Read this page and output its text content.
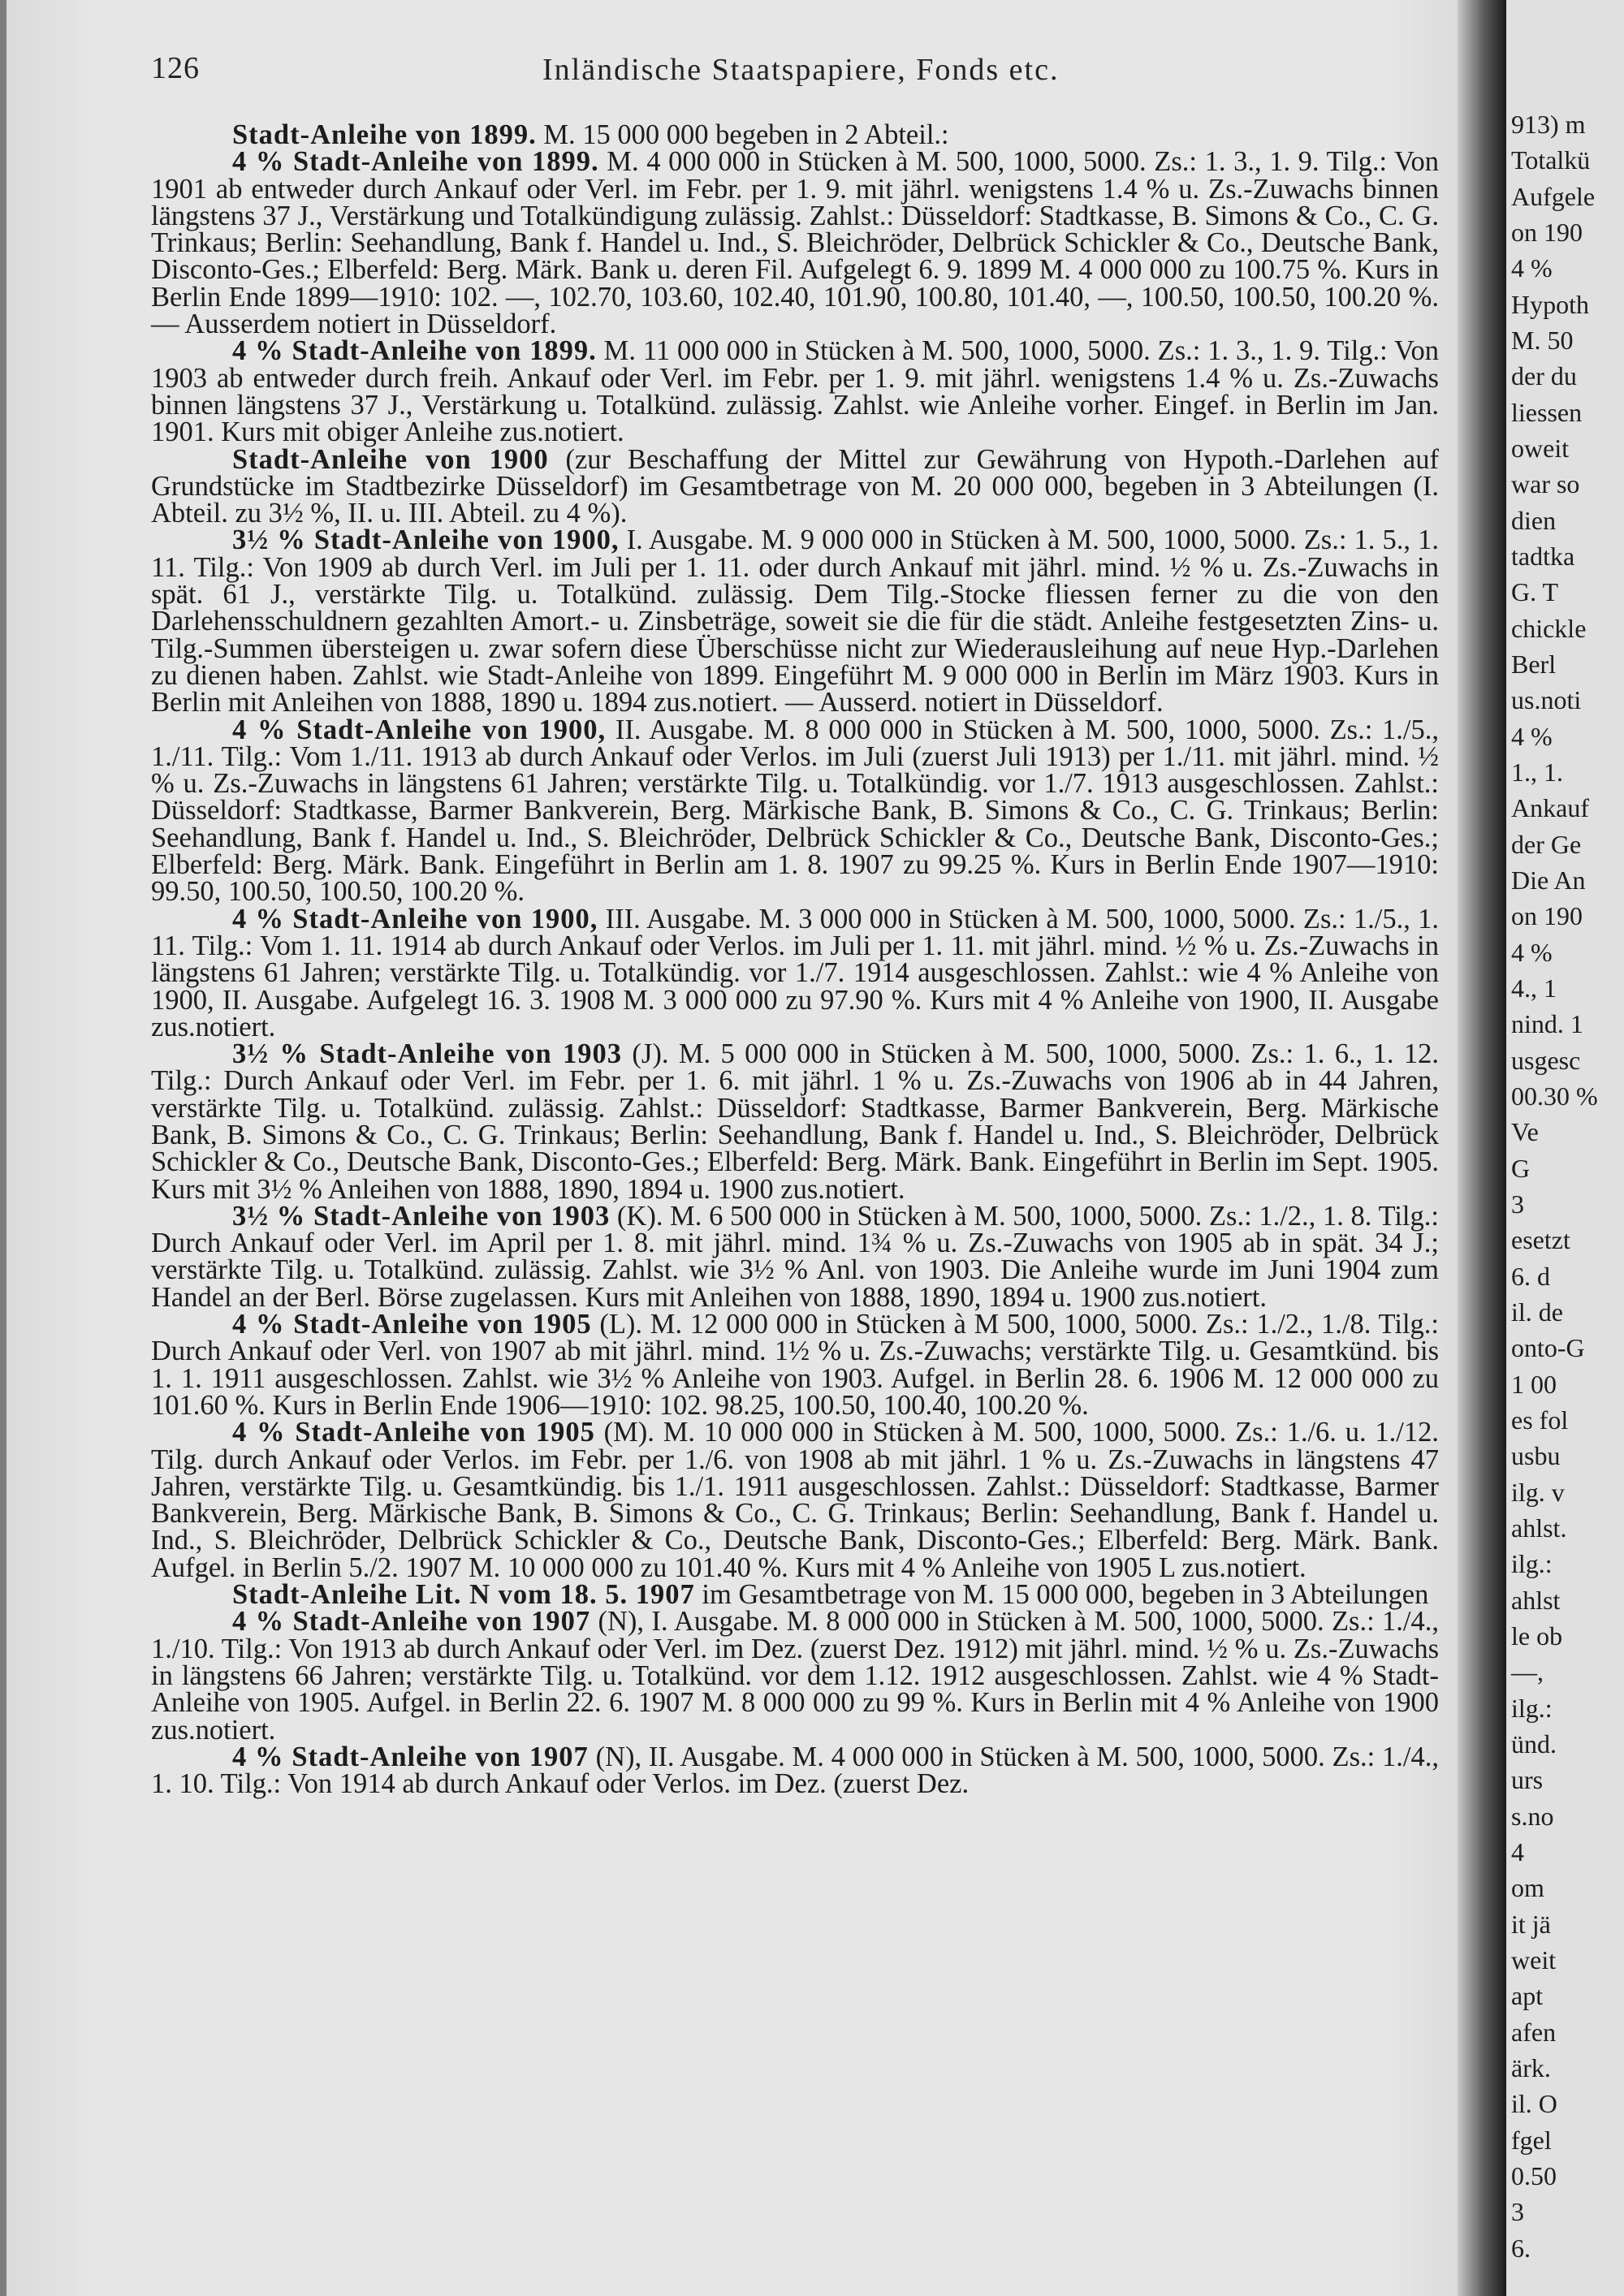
126	Inländische Staatspapiere, Fonds etc.

Stadt-Anleihe von 1899. M. 15 000 000 begeben in 2 Abteil.:

4 % Stadt-Anleihe von 1899. M. 4 000 000 in Stücken à M. 500, 1000, 5000. Zs.: 1. 3., 1. 9. Tilg.: Von 1901 ab entweder durch Ankauf oder Verl. im Febr. per 1. 9. mit jährl. wenigstens 1.4 % u. Zs.-Zuwachs binnen längstens 37 J., Verstärkung und Totalkündigung zulässig. Zahlst.: Düsseldorf: Stadtkasse, B. Simons & Co., C. G. Trinkaus; Berlin: Seehandlung, Bank f. Handel u. Ind., S. Bleichröder, Delbrück Schickler & Co., Deutsche Bank, Disconto-Ges.; Elberfeld: Berg. Märk. Bank u. deren Fil. Aufgelegt 6. 9. 1899 M. 4 000 000 zu 100.75 %. Kurs in Berlin Ende 1899—1910: 102. —, 102.70, 103.60, 102.40, 101.90, 100.80, 101.40, —, 100.50, 100.50, 100.20 %. — Ausserdem notiert in Düsseldorf.

4 % Stadt-Anleihe von 1899. M. 11 000 000 in Stücken à M. 500, 1000, 5000. Zs.: 1. 3., 1. 9. Tilg.: Von 1903 ab entweder durch freih. Ankauf oder Verl. im Febr. per 1. 9. mit jährl. wenigstens 1.4 % u. Zs.-Zuwachs binnen längstens 37 J., Verstärkung u. Totalkünd. zulässig. Zahlst. wie Anleihe vorher. Eingef. in Berlin im Jan. 1901. Kurs mit obiger Anleihe zus.notiert.

Stadt-Anleihe von 1900 (zur Beschaffung der Mittel zur Gewährung von Hypoth.-Darlehen auf Grundstücke im Stadtbezirke Düsseldorf) im Gesamtbetrage von M. 20 000 000, begeben in 3 Abteilungen (I. Abteil. zu 3½ %, II. u. III. Abteil. zu 4 %).

3½ % Stadt-Anleihe von 1900, I. Ausgabe. M. 9 000 000 in Stücken à M. 500, 1000, 5000. Zs.: 1. 5., 1. 11. Tilg.: Von 1909 ab durch Verl. im Juli per 1. 11. oder durch Ankauf mit jährl. mind. ½ % u. Zs.-Zuwachs in spät. 61 J., verstärkte Tilg. u. Totalkünd. zulässig. Dem Tilg.-Stocke fliessen ferner zu die von den Darlehensschuldnern gezahlten Amort.- u. Zinsbeträge, soweit sie die für die städt. Anleihe festgesetzten Zins- u. Tilg.-Summen übersteigen u. zwar sofern diese Überschüsse nicht zur Wiederausleihung auf neue Hyp.-Darlehen zu dienen haben. Zahlst. wie Stadt-Anleihe von 1899. Eingeführt M. 9 000 000 in Berlin im März 1903. Kurs in Berlin mit Anleihen von 1888, 1890 u. 1894 zus.notiert. — Ausserd. notiert in Düsseldorf.

4 % Stadt-Anleihe von 1900, II. Ausgabe. M. 8 000 000 in Stücken à M. 500, 1000, 5000. Zs.: 1./5., 1./11. Tilg.: Vom 1./11. 1913 ab durch Ankauf oder Verlos. im Juli (zuerst Juli 1913) per 1./11. mit jährl. mind. ½ % u. Zs.-Zuwachs in längstens 61 Jahren; verstärkte Tilg. u. Totalkündig. vor 1./7. 1913 ausgeschlossen. Zahlst.: Düsseldorf: Stadtkasse, Barmer Bankverein, Berg. Märkische Bank, B. Simons & Co., C. G. Trinkaus; Berlin: Seehandlung, Bank f. Handel u. Ind., S. Bleichröder, Delbrück Schickler & Co., Deutsche Bank, Disconto-Ges.; Elberfeld: Berg. Märk. Bank. Eingeführt in Berlin am 1. 8. 1907 zu 99.25 %. Kurs in Berlin Ende 1907—1910: 99.50, 100.50, 100.50, 100.20 %.

4 % Stadt-Anleihe von 1900, III. Ausgabe. M. 3 000 000 in Stücken à M. 500, 1000, 5000. Zs.: 1./5., 1. 11. Tilg.: Vom 1. 11. 1914 ab durch Ankauf oder Verlos. im Juli per 1. 11. mit jährl. mind. ½ % u. Zs.-Zuwachs in längstens 61 Jahren; verstärkte Tilg. u. Totalkündig. vor 1./7. 1914 ausgeschlossen. Zahlst.: wie 4 % Anleihe von 1900, II. Ausgabe. Aufgelegt 16. 3. 1908 M. 3 000 000 zu 97.90 %. Kurs mit 4 % Anleihe von 1900, II. Ausgabe zus.notiert.

3½ % Stadt-Anleihe von 1903 (J). M. 5 000 000 in Stücken à M. 500, 1000, 5000. Zs.: 1. 6., 1. 12. Tilg.: Durch Ankauf oder Verl. im Febr. per 1. 6. mit jährl. 1 % u. Zs.-Zuwachs von 1906 ab in 44 Jahren, verstärkte Tilg. u. Totalkünd. zulässig. Zahlst.: Düsseldorf: Stadtkasse, Barmer Bankverein, Berg. Märkische Bank, B. Simons & Co., C. G. Trinkaus; Berlin: Seehandlung, Bank f. Handel u. Ind., S. Bleichröder, Delbrück Schickler & Co., Deutsche Bank, Disconto-Ges.; Elberfeld: Berg. Märk. Bank. Eingeführt in Berlin im Sept. 1905. Kurs mit 3½ % Anleihen von 1888, 1890, 1894 u. 1900 zus.notiert.

3½ % Stadt-Anleihe von 1903 (K). M. 6 500 000 in Stücken à M. 500, 1000, 5000. Zs.: 1./2., 1. 8. Tilg.: Durch Ankauf oder Verl. im April per 1. 8. mit jährl. mind. 1¾ % u. Zs.-Zuwachs von 1905 ab in spät. 34 J.; verstärkte Tilg. u. Totalkünd. zulässig. Zahlst. wie 3½ % Anl. von 1903. Die Anleihe wurde im Juni 1904 zum Handel an der Berl. Börse zugelassen. Kurs mit Anleihen von 1888, 1890, 1894 u. 1900 zus.notiert.

4 % Stadt-Anleihe von 1905 (L). M. 12 000 000 in Stücken à M 500, 1000, 5000. Zs.: 1./2., 1./8. Tilg.: Durch Ankauf oder Verl. von 1907 ab mit jährl. mind. 1½ % u. Zs.-Zuwachs; verstärkte Tilg. u. Gesamtkünd. bis 1. 1. 1911 ausgeschlossen. Zahlst. wie 3½ % Anleihe von 1903. Aufgel. in Berlin 28. 6. 1906 M. 12 000 000 zu 101.60 %. Kurs in Berlin Ende 1906—1910: 102. 98.25, 100.50, 100.40, 100.20 %.

4 % Stadt-Anleihe von 1905 (M). M. 10 000 000 in Stücken à M. 500, 1000, 5000. Zs.: 1./6. u. 1./12. Tilg. durch Ankauf oder Verlos. im Febr. per 1./6. von 1908 ab mit jährl. 1 % u. Zs.-Zuwachs in längstens 47 Jahren, verstärkte Tilg. u. Gesamtkündig. bis 1./1. 1911 ausgeschlossen. Zahlst.: Düsseldorf: Stadtkasse, Barmer Bankverein, Berg. Märkische Bank, B. Simons & Co., C. G. Trinkaus; Berlin: Seehandlung, Bank f. Handel u. Ind., S. Bleichröder, Delbrück Schickler & Co., Deutsche Bank, Disconto-Ges.; Elberfeld: Berg. Märk. Bank. Aufgel. in Berlin 5./2. 1907 M. 10 000 000 zu 101.40 %. Kurs mit 4 % Anleihe von 1905 L zus.notiert.

Stadt-Anleihe Lit. N vom 18. 5. 1907 im Gesamtbetrage von M. 15 000 000, begeben in 3 Abteilungen

4 % Stadt-Anleihe von 1907 (N), I. Ausgabe. M. 8 000 000 in Stücken à M. 500, 1000, 5000. Zs.: 1./4., 1./10. Tilg.: Von 1913 ab durch Ankauf oder Verl. im Dez. (zuerst Dez. 1912) mit jährl. mind. ½ % u. Zs.-Zuwachs in längstens 66 Jahren; verstärkte Tilg. u. Totalkünd. vor dem 1.12. 1912 ausgeschlossen. Zahlst. wie 4 % Stadt-Anleihe von 1905. Aufgel. in Berlin 22. 6. 1907 M. 8 000 000 zu 99 %. Kurs in Berlin mit 4 % Anleihe von 1900 zus.notiert.

4 % Stadt-Anleihe von 1907 (N), II. Ausgabe. M. 4 000 000 in Stücken à M. 500, 1000, 5000. Zs.: 1./4., 1. 10. Tilg.: Von 1914 ab durch Ankauf oder Verlos. im Dez. (zuerst Dez.

913) m
Totalkü
Aufgele
on 190
4 %
Hypoth
M. 50
der du
liessen
oweit
war so
dien
tadtka
G. T
chickle
Berl
us.noti
4 %
1., 1.
Ankauf
der Ge
Die An
on 190
4 %
4., 1
nind. 1
usgesc
00.30 %
Ve
G
3
esetzt
6. d
il. de
onto-G
1 00
es fol
usbu
ilg. v
ahlst.
ilg.:
ahlst
le ob
—,
ilg.:
ünd.
urs
s.no
4
om
it jä
weit
apt
afen
ärk.
il. O
fgel
0.50
3
6.
